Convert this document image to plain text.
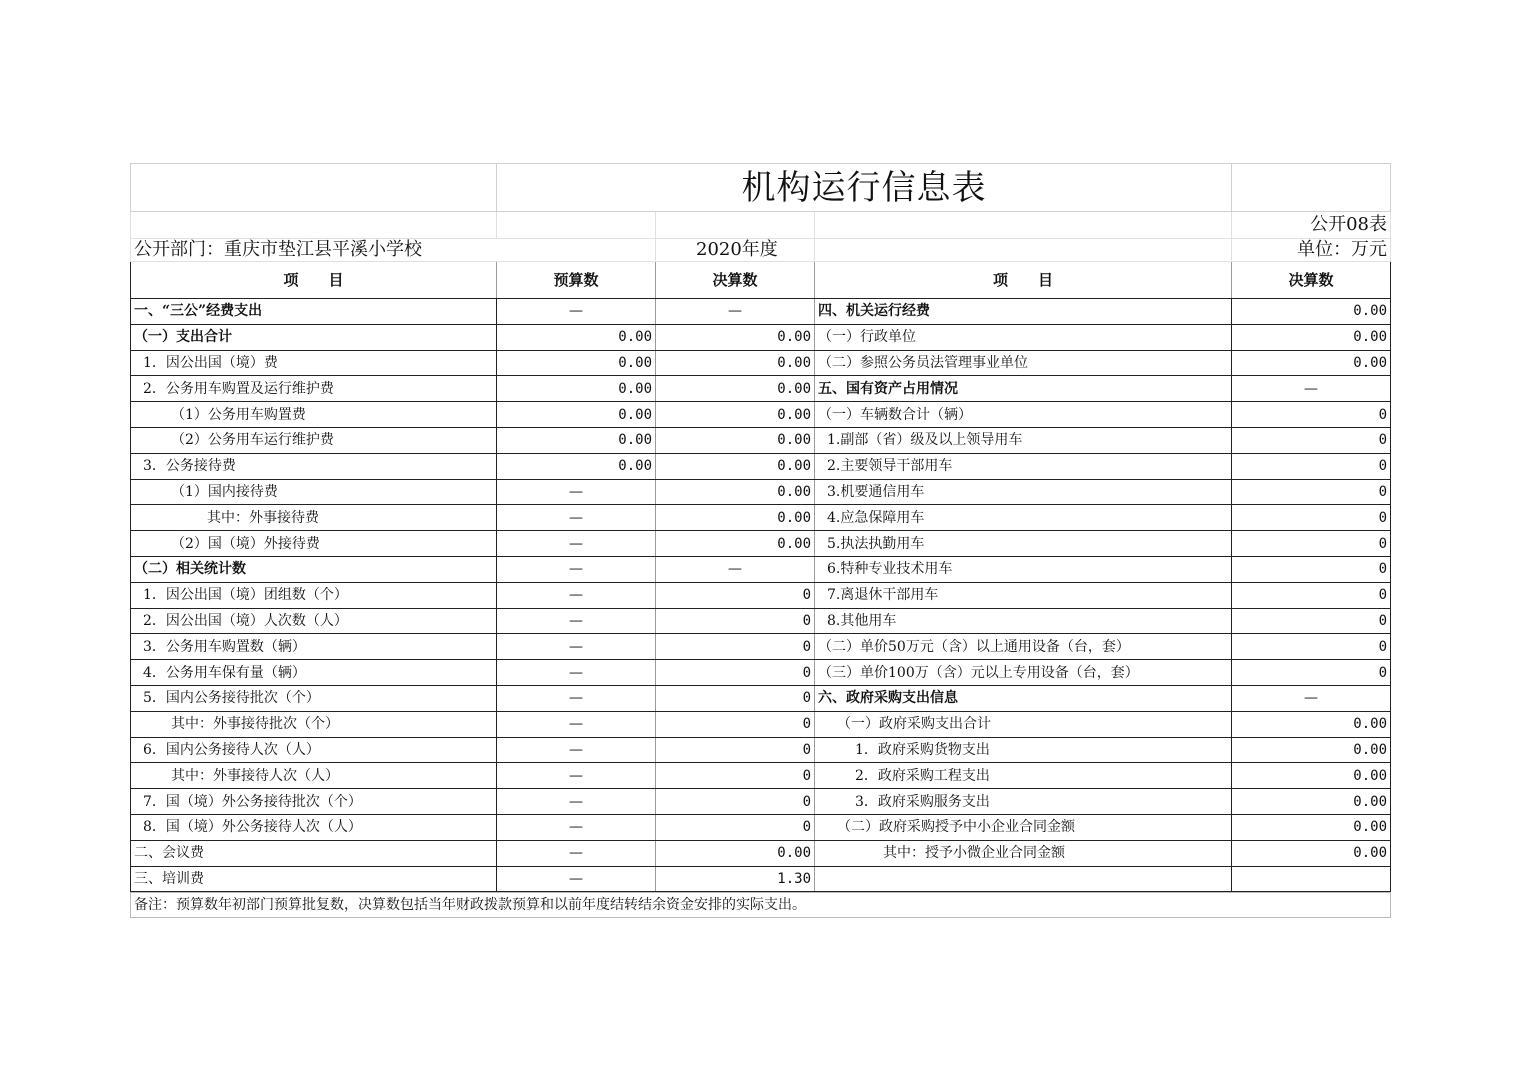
	机构运行信息表			
				公开08表
公开部门：重庆市垫江县平溪小学校		2020年度		单位：万元
项　　目	预算数	决算数	项　　目	决算数
一、“三公”经费支出	—	—	四、机关运行经费	0.00
（一）支出合计	0.00	0.00	（一）行政单位	0.00
1．因公出国（境）费	0.00	0.00	（二）参照公务员法管理事业单位	0.00
2．公务用车购置及运行维护费	0.00	0.00	五、国有资产占用情况	—
（1）公务用车购置费	0.00	0.00	（一）车辆数合计（辆）	0
（2）公务用车运行维护费	0.00	0.00	1.副部（省）级及以上领导用车	0
3．公务接待费	0.00	0.00	2.主要领导干部用车	0
（1）国内接待费	—	0.00	3.机要通信用车	0
其中：外事接待费	—	0.00	4.应急保障用车	0
（2）国（境）外接待费	—	0.00	5.执法执勤用车	0
（二）相关统计数	—	—	6.特种专业技术用车	0
1．因公出国（境）团组数（个）	—	0	7.离退休干部用车	0
2．因公出国（境）人次数（人）	—	0	8.其他用车	0
3．公务用车购置数（辆）	—	0	（二）单价50万元（含）以上通用设备（台，套）	0
4．公务用车保有量（辆）	—	0	（三）单价100万（含）元以上专用设备（台，套）	0
5．国内公务接待批次（个）	—	0	六、政府采购支出信息	—
其中：外事接待批次（个）	—	0	（一）政府采购支出合计	0.00
6．国内公务接待人次（人）	—	0	1．政府采购货物支出	0.00
其中：外事接待人次（人）	—	0	2．政府采购工程支出	0.00
7．国（境）外公务接待批次（个）	—	0	3．政府采购服务支出	0.00
8．国（境）外公务接待人次（人）	—	0	（二）政府采购授予中小企业合同金额	0.00
二、会议费	—	0.00	其中：授予小微企业合同金额	0.00
三、培训费	—	1.30		
备注：预算数年初部门预算批复数，决算数包括当年财政拨款预算和以前年度结转结余资金安排的实际支出。
